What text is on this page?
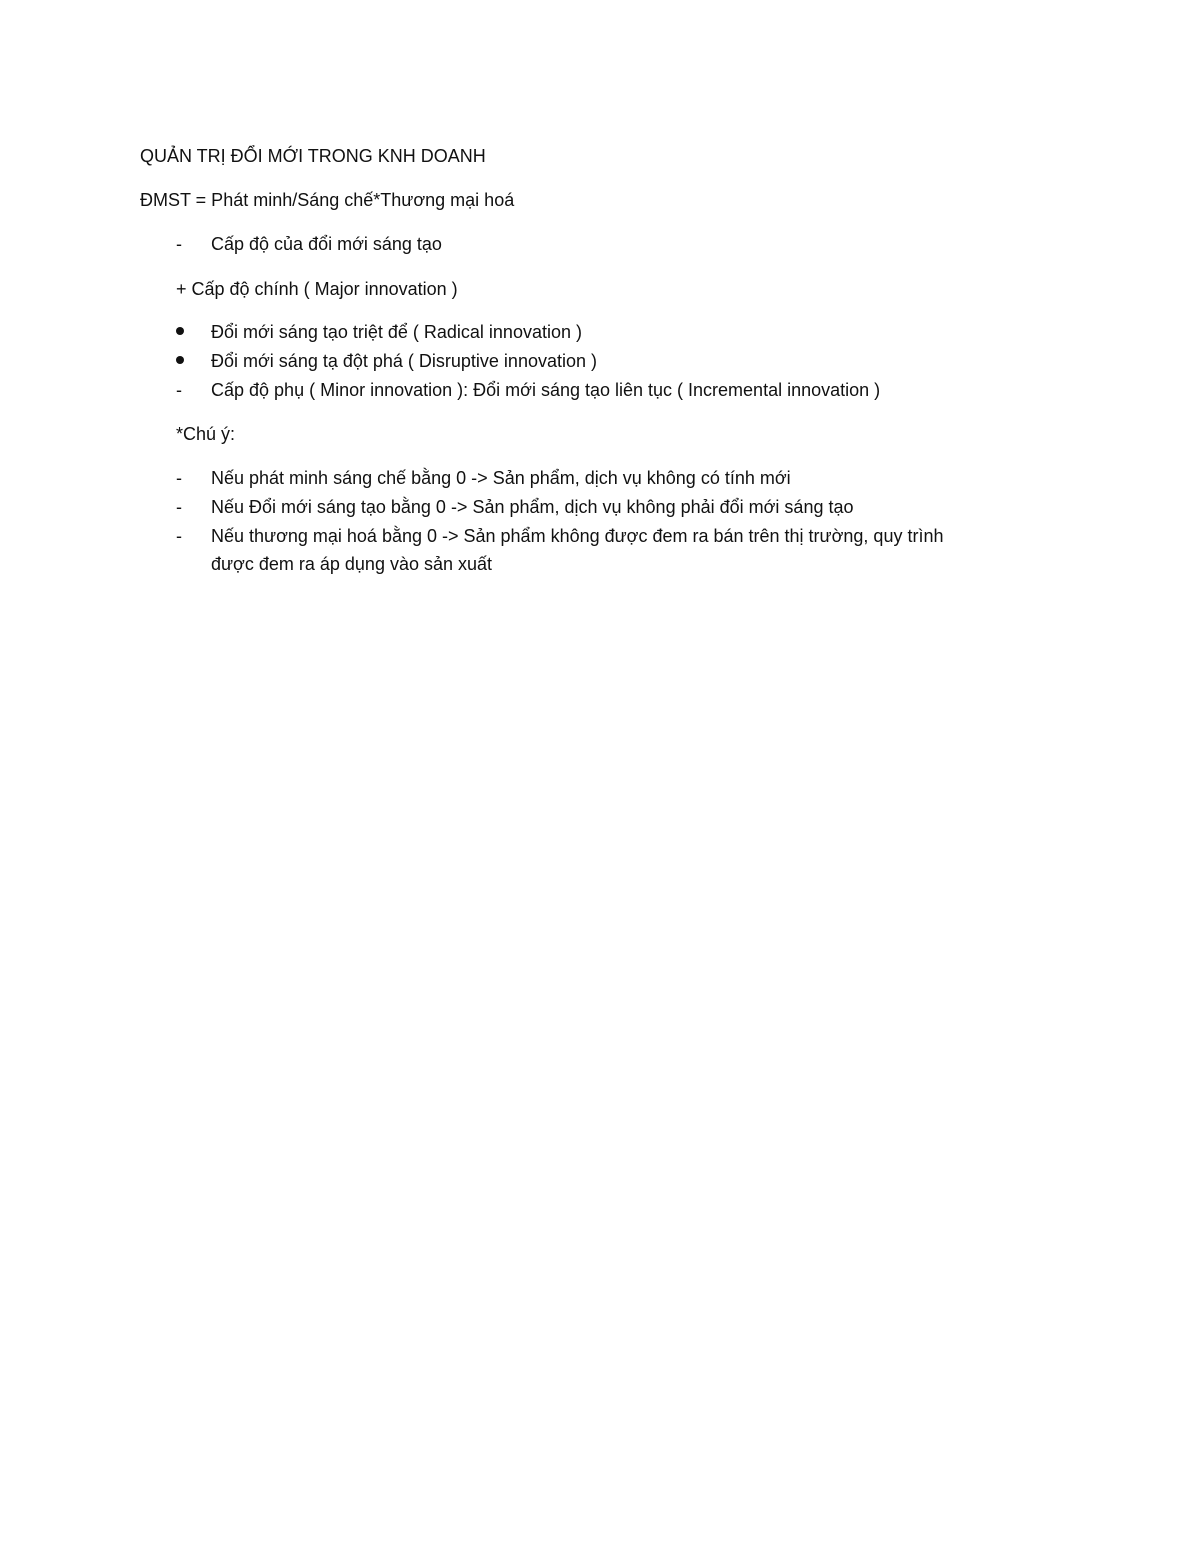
QUẢN TRỊ ĐỔI MỚI TRONG KNH DOANH
ĐMST = Phát minh/Sáng chế*Thương mại hoá
- Cấp độ của đổi mới sáng tạo
+ Cấp độ chính ( Major innovation )
Đổi mới sáng tạo triệt để ( Radical innovation )
Đổi mới sáng tạ đột phá ( Disruptive innovation )
- Cấp độ phụ ( Minor innovation ): Đổi mới sáng tạo liên tục ( Incremental innovation )
*Chú ý:
- Nếu phát minh sáng chế bằng 0 -> Sản phẩm, dịch vụ không có tính mới
- Nếu Đổi mới sáng tạo bằng 0 -> Sản phẩm, dịch vụ không phải đổi mới sáng tạo
- Nếu thương mại hoá bằng 0 -> Sản phẩm không được đem ra bán trên thị trường, quy trình
được đem ra áp dụng vào sản xuất
